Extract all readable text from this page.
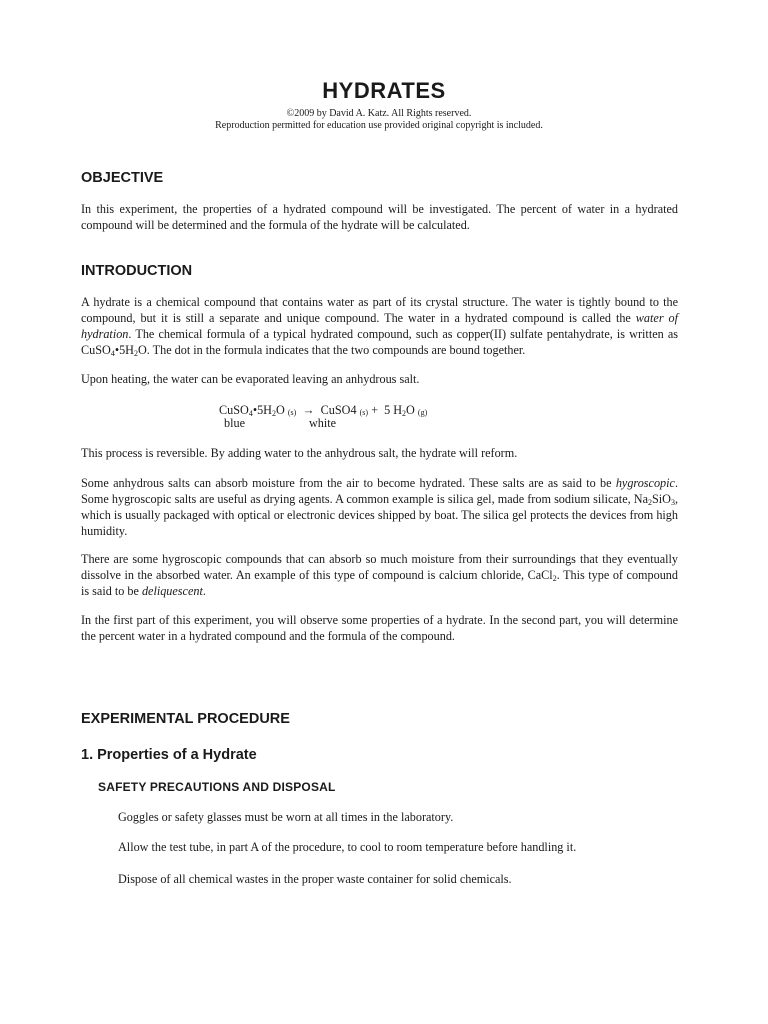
HYDRATES
©2009 by David A. Katz. All Rights reserved.
Reproduction permitted for education use provided original copyright is included.
OBJECTIVE

In this experiment, the properties of a hydrated compound will be investigated. The percent of water in a hydrated compound will be determined and the formula of the hydrate will be calculated.

INTRODUCTION

A hydrate is a chemical compound that contains water as part of its crystal structure. The water is tightly bound to the compound, but it is still a separate and unique compound. The water in a hydrated compound is called the water of hydration. The chemical formula of a typical hydrated compound, such as copper(II) sulfate pentahydrate, is written as $CuSO_4•5H_2O$. The dot in the formula indicates that the two compounds are bound together.

Upon heating, the water can be evaporated leaving an anhydrous salt.

$CuSO_4•5H_2O$ (s) → CuSO4 (s) + 5 $H_2O$ (g)
blue	white

This process is reversible. By adding water to the anhydrous salt, the hydrate will reform.

Some anhydrous salts can absorb moisture from the air to become hydrated. These salts are as said to be hygroscopic. Some hygroscopic salts are useful as drying agents. A common example is silica gel, made from sodium silicate, $Na_2SiO_3$, which is usually packaged with optical or electronic devices shipped by boat. The silica gel protects the devices from high humidity.

There are some hygroscopic compounds that can absorb so much moisture from their surroundings that they eventually dissolve in the absorbed water. An example of this type of compound is calcium chloride, CaCl$_2$. This type of compound is said to be deliquescent.

In the first part of this experiment, you will observe some properties of a hydrate. In the second part, you will determine the percent water in a hydrated compound and the formula of the compound.

EXPERIMENTAL PROCEDURE
1. Properties of a Hydrate
SAFETY PRECAUTIONS AND DISPOSAL

Goggles or safety glasses must be worn at all times in the laboratory.

Allow the test tube, in part A of the procedure, to cool to room temperature before handling it.

Dispose of all chemical wastes in the proper waste container for solid chemicals.
